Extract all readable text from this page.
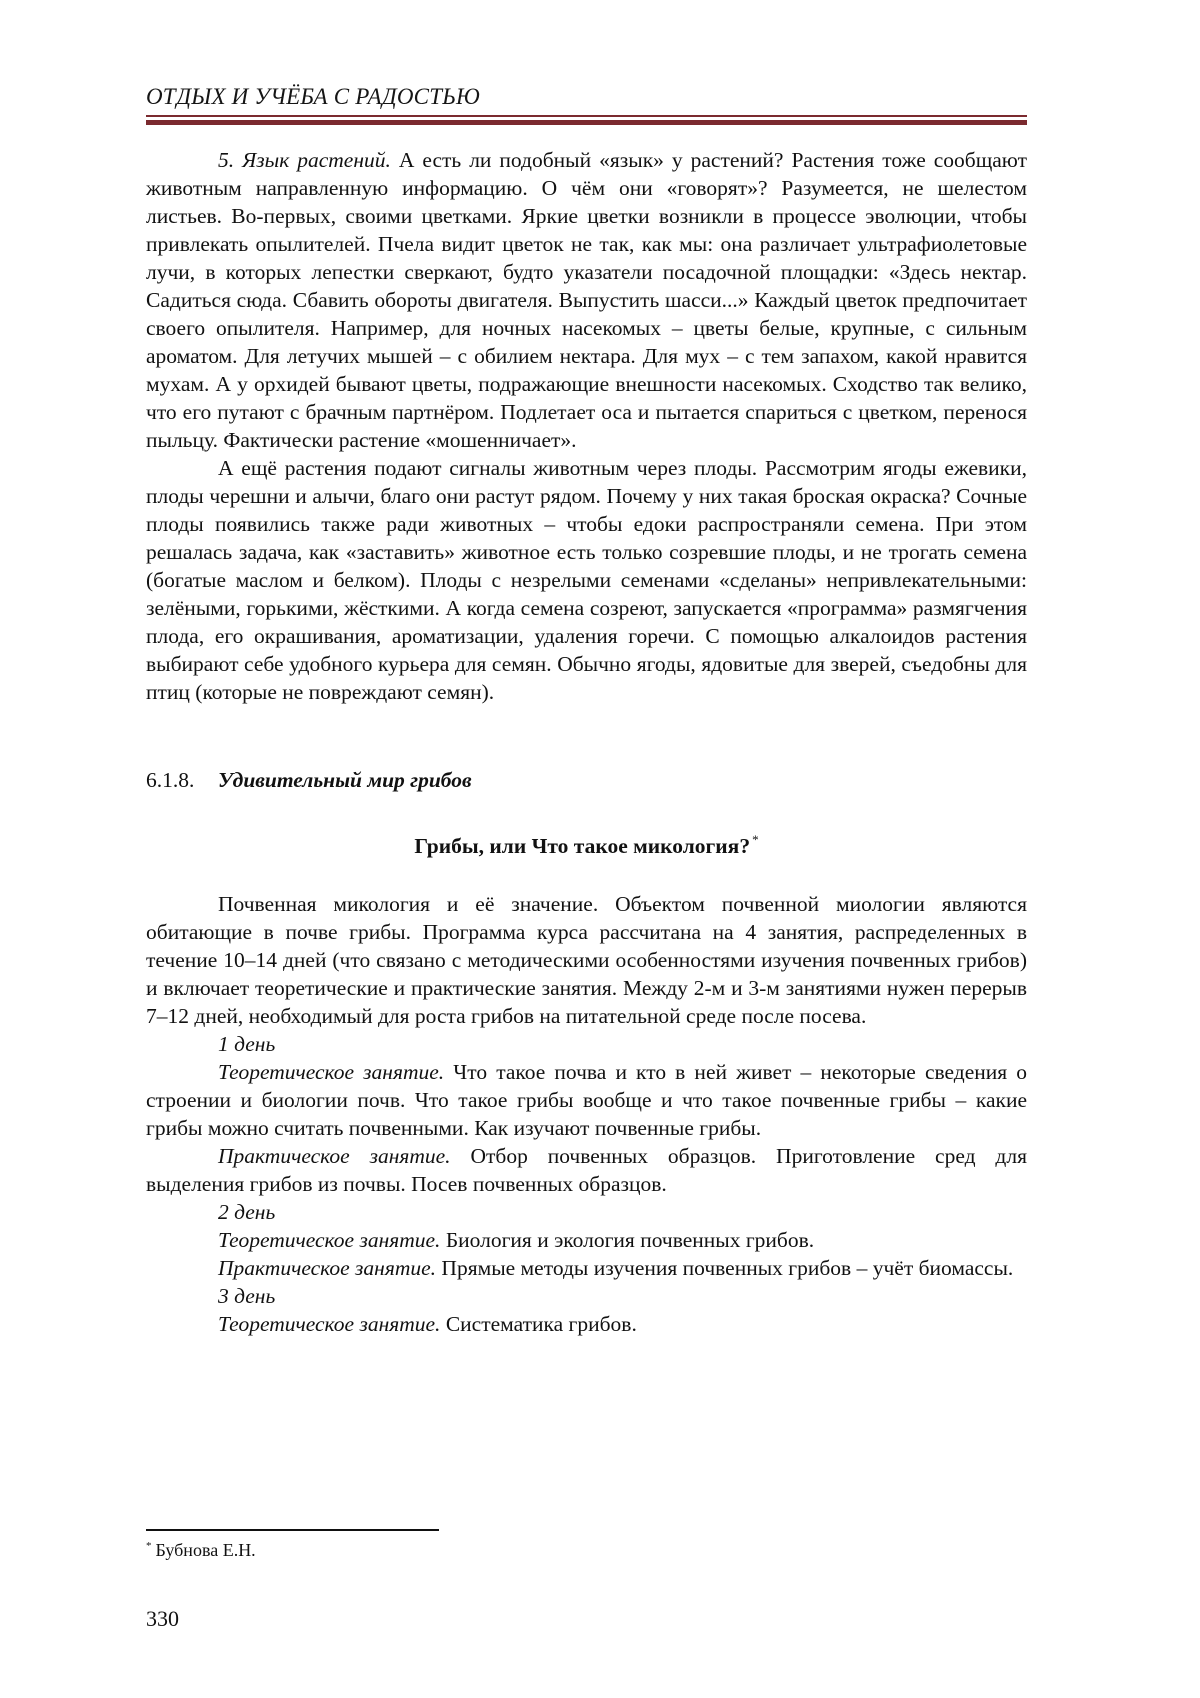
ОТДЫХ И УЧЁБА С РАДОСТЬЮ

5. Язык растений. А есть ли подобный «язык» у растений? Растения тоже сообщают животным направленную информацию. О чём они «говорят»? Разумеется, не шелестом листьев. Во-первых, своими цветками. Яркие цветки возникли в процессе эволюции, чтобы привлекать опылителей. Пчела видит цветок не так, как мы: она различает ультрафиолетовые лучи, в которых лепестки сверкают, будто указатели посадочной площадки: «Здесь нектар. Садиться сюда. Сбавить обороты двигателя. Выпустить шасси...» Каждый цветок предпочитает своего опылителя. Например, для ночных насекомых – цветы белые, крупные, с сильным ароматом. Для летучих мышей – с обилием нектара. Для мух – с тем запахом, какой нравится мухам. А у орхидей бывают цветы, подражающие внешности насекомых. Сходство так велико, что его путают с брачным партнёром. Подлетает оса и пытается спариться с цветком, перенося пыльцу. Фактически растение «мошенничает».

А ещё растения подают сигналы животным через плоды. Рассмотрим ягоды ежевики, плоды черешни и алычи, благо они растут рядом. Почему у них такая броская окраска? Сочные плоды появились также ради животных – чтобы едоки распространяли семена. При этом решалась задача, как «заставить» животное есть только созревшие плоды, и не трогать семена (богатые маслом и белком). Плоды с незрелыми семенами «сделаны» непривлекательными: зелёными, горькими, жёсткими. А когда семена созреют, запускается «программа» размягчения плода, его окрашивания, ароматизации, удаления горечи. С помощью алкалоидов растения выбирают себе удобного курьера для семян. Обычно ягоды, ядовитые для зверей, съедобны для птиц (которые не повреждают семян).

6.1.8. Удивительный мир грибов
Грибы, или Что такое микология? *

Почвенная микология и её значение. Объектом почвенной миологии являются обитающие в почве грибы. Программа курса рассчитана на 4 занятия, распределенных в течение 10–14 дней (что связано с методическими особенностями изучения почвенных грибов) и включает теоретические и практические занятия. Между 2-м и 3-м занятиями нужен перерыв 7–12 дней, необходимый для роста грибов на питательной среде после посева.

1 день

Теоретическое занятие. Что такое почва и кто в ней живет – некоторые сведения о строении и биологии почв. Что такое грибы вообще и что такое почвенные грибы – какие грибы можно считать почвенными. Как изучают почвенные грибы.

Практическое занятие. Отбор почвенных образцов. Приготовление сред для выделения грибов из почвы. Посев почвенных образцов.

2 день

Теоретическое занятие. Биология и экология почвенных грибов.

Практическое занятие. Прямые методы изучения почвенных грибов – учёт биомассы.

3 день

Теоретическое занятие. Систематика грибов.

* Бубнова Е.Н.
330
